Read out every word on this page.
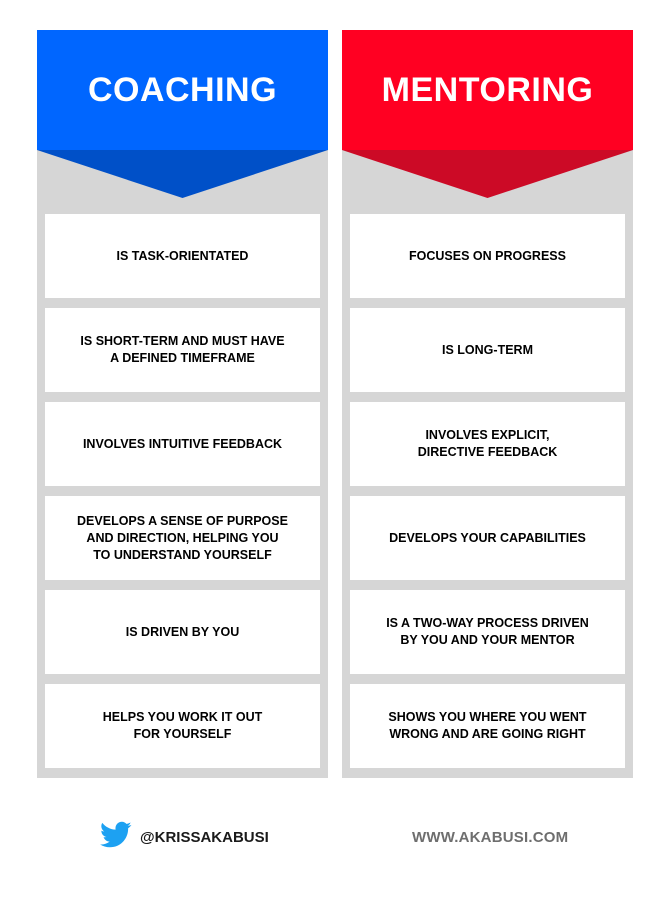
COACHING
IS TASK-ORIENTATED
IS SHORT-TERM AND MUST HAVE
A DEFINED TIMEFRAME
INVOLVES INTUITIVE FEEDBACK
DEVELOPS A SENSE OF PURPOSE
AND DIRECTION, HELPING YOU
TO UNDERSTAND YOURSELF
IS DRIVEN BY YOU
HELPS YOU WORK IT OUT
FOR YOURSELF
MENTORING
FOCUSES ON PROGRESS
IS LONG-TERM
INVOLVES EXPLICIT,
DIRECTIVE FEEDBACK
DEVELOPS YOUR CAPABILITIES
IS A TWO-WAY PROCESS DRIVEN
BY YOU AND YOUR MENTOR
SHOWS YOU WHERE YOU WENT
WRONG AND ARE GOING RIGHT
@KRISSAKABUSI	WWW.AKABUSI.COM
